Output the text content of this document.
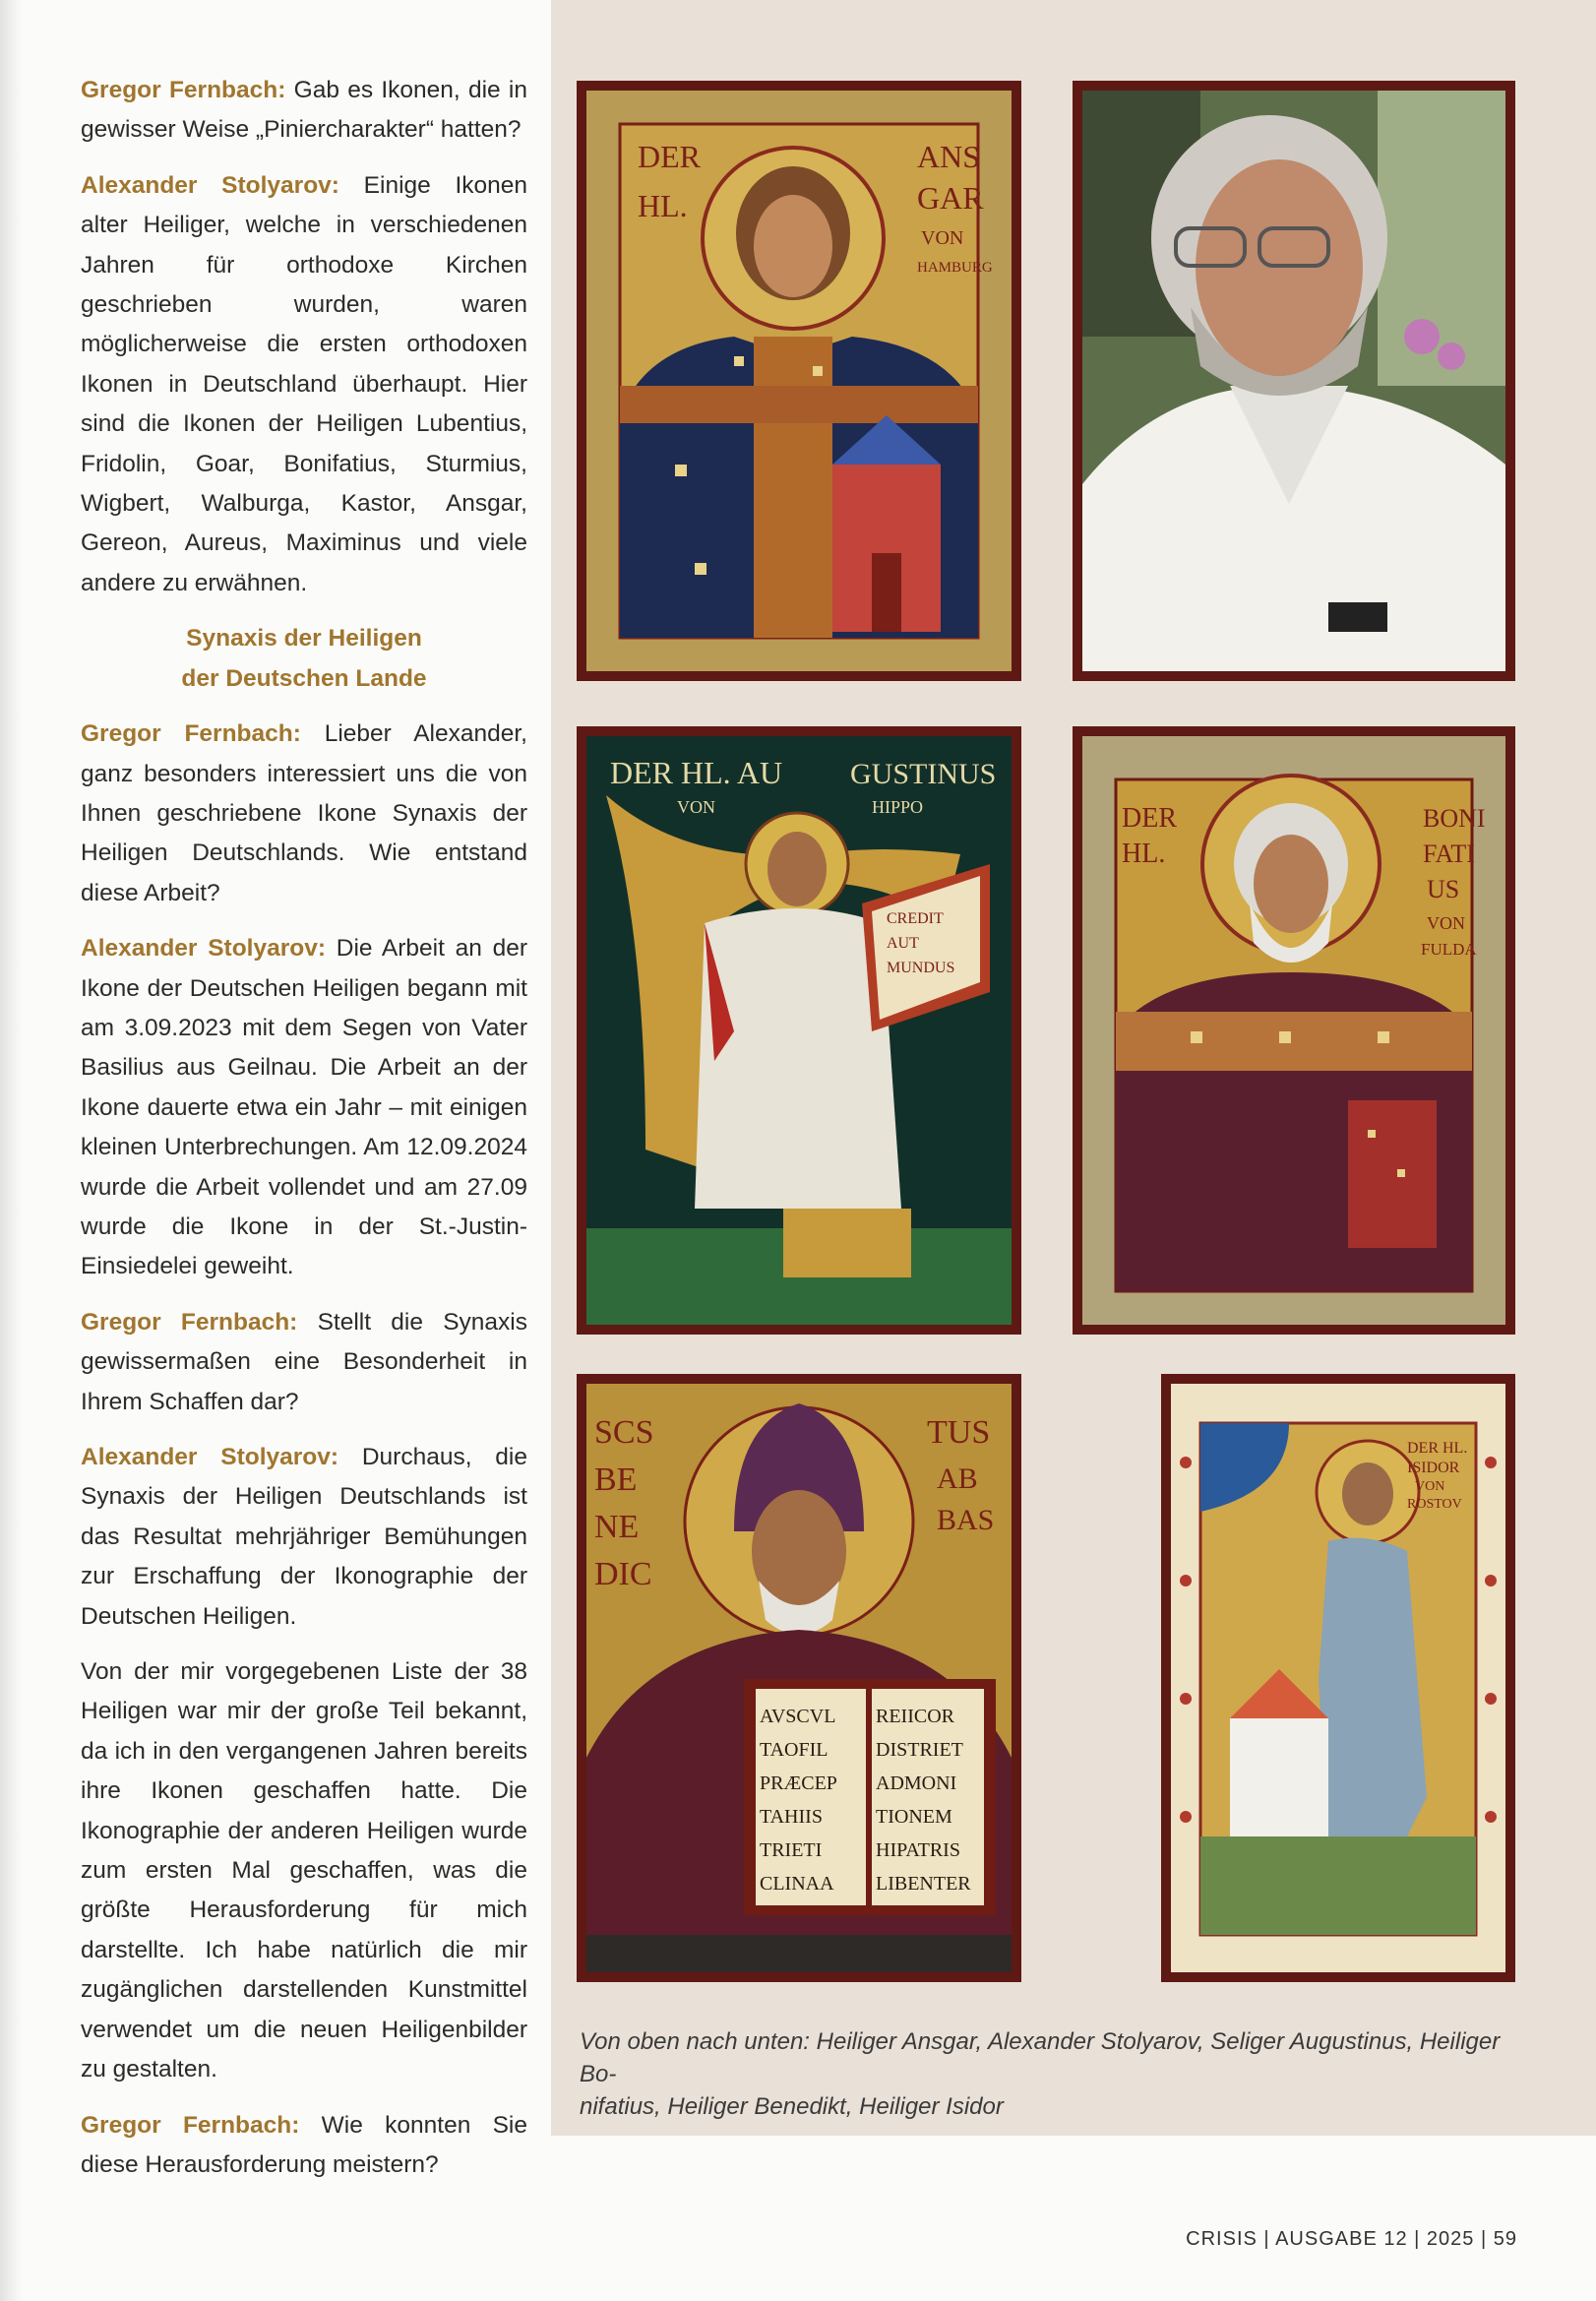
Gregor Fernbach: Gab es Ikonen, die in gewisser Weise „Piniercharakter“ hatten?

Alexander Stolyarov: Einige Ikonen alter Heiliger, welche in verschiedenen Jahren für orthodoxe Kirchen geschrieben wurden, waren möglicherweise die ersten orthodoxen Ikonen in Deutschland überhaupt. Hier sind die Ikonen der Heiligen Lubentius, Fridolin, Goar, Bonifatius, Sturmius, Wigbert, Walburga, Kastor, Ansgar, Gereon, Aureus, Maximinus und viele andere zu erwähnen.

Synaxis der Heiligen
der Deutschen Lande

Gregor Fernbach: Lieber Alexander, ganz besonders interessiert uns die von Ihnen geschriebene Ikone Synaxis der Heiligen Deutschlands. Wie entstand diese Arbeit?

Alexander Stolyarov: Die Arbeit an der Ikone der Deutschen Heiligen begann mit am 3.09.2023 mit dem Segen von Vater Basilius aus Geilnau. Die Arbeit an der Ikone dauerte etwa ein Jahr – mit einigen kleinen Unterbrechungen. Am 12.09.2024 wurde die Arbeit vollendet und am 27.09 wurde die Ikone in der St.-Justin-Einsiedelei geweiht.

Gregor Fernbach: Stellt die Synaxis gewissermaßen eine Besonderheit in Ihrem Schaffen dar?

Alexander Stolyarov: Durchaus, die Synaxis der Heiligen Deutschlands ist das Resultat mehrjähriger Bemühungen zur Erschaffung der Ikonographie der Deutschen Heiligen.

Von der mir vorgegebenen Liste der 38 Heiligen war mir der große Teil bekannt, da ich in den vergangenen Jahren bereits ihre Ikonen geschaffen hatte. Die Ikonographie der anderen Heiligen wurde zum ersten Mal geschaffen, was die größte Herausforderung für mich darstellte. Ich habe natürlich die mir zugänglichen darstellenden Kunstmittel verwendet um die neuen Heiligenbilder zu gestalten.

Gregor Fernbach: Wie konnten Sie diese Herausforderung meistern?

DER
HL.
ANS
GAR
VON
HAMBURG
DER HL. AU
VON
GUSTINUS
HIPPO
CREDIT
AUT
MUNDUS
DER
HL.
BONI
FATI
US
VON
FULDA
SCS
BE
NE
DIC
TUS
AB
BAS
AVSCVL
TAOFIL
PRÆCEP
TAHIIS
TRIETI
CLINAA
REIICOR
DISTRIET
ADMONI
TIONEM
HIPATRIS
LIBENTER
DER HL.
ISIDOR
VON
ROSTOV
Von oben nach unten: Heiliger Ansgar, Alexander Stolyarov, Seliger Augustinus, Heiliger Bo-
nifatius, Heiliger Benedikt, Heiliger Isidor
CRISIS | AUSGABE 12 | 2025 | 59
